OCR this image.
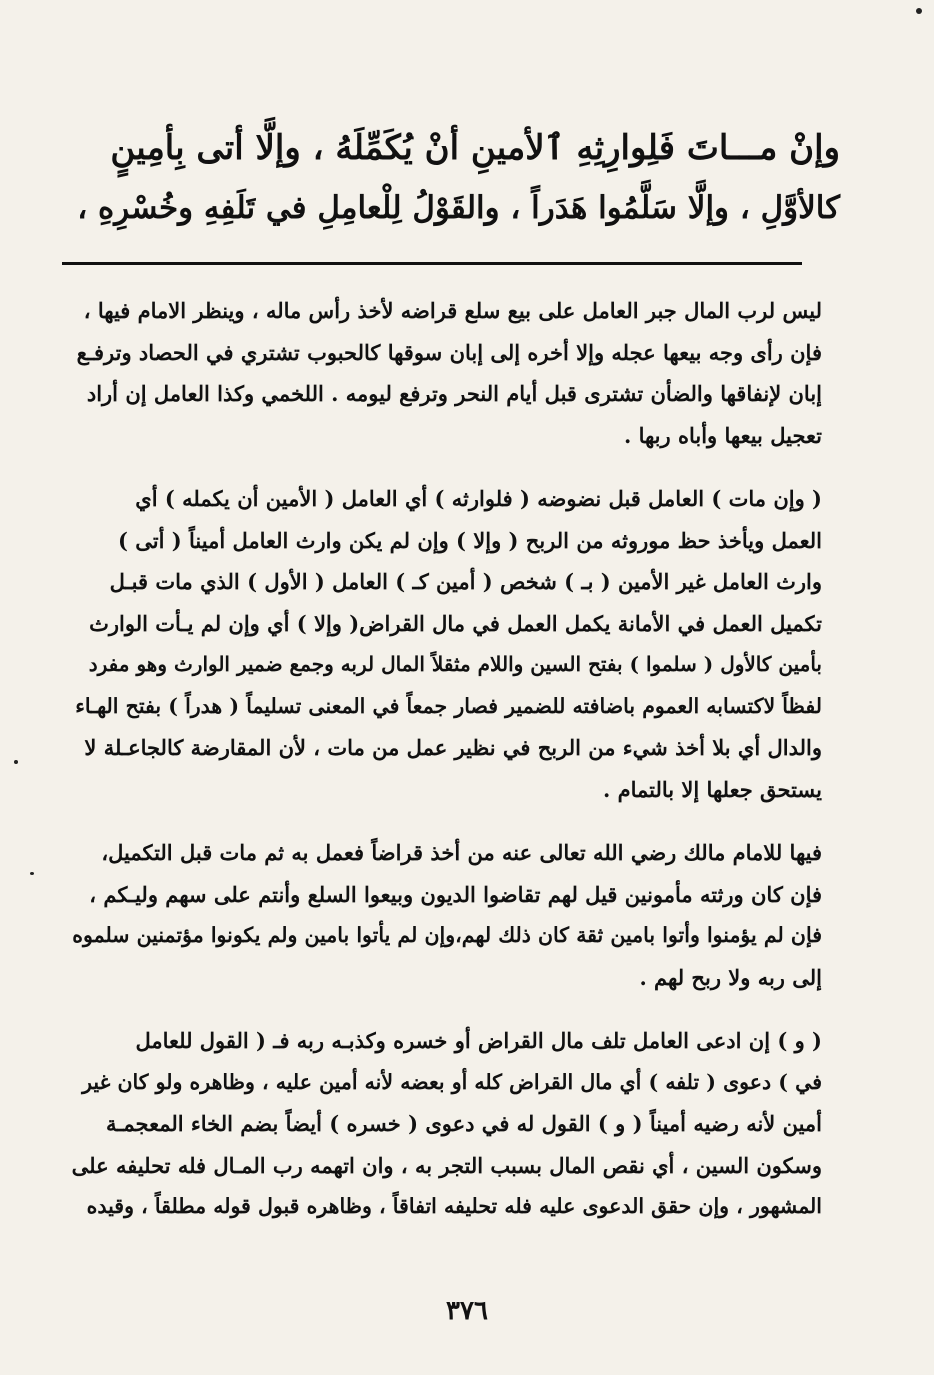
وإنْ مـــاتَ فَلِوارِثِهِ ٱلأمينِ أنْ يُكَمِّلَهُ ، وإلَّا أتى بِأمِينٍ
كالأوَّلِ ، وإلَّا سَلَّمُوا هَدَراً ، والقَوْلُ لِلْعامِلِ في تَلَفِهِ وخُسْرِهِ ،

ليس لرب المال جبر العامل على بيع سلع قراضه لأخذ رأس ماله ، وينظر الامام فيها ،

فإن رأى وجه بيعها عجله وإلا أخره إلى إبان سوقها كالحبوب تشتري في الحصاد وترفـع

إبان لإنفاقها والضأن تشترى قبل أيام النحر وترفع ليومه . اللخمي وكذا العامل إن أراد

تعجيل بيعها وأباه ربها .

( وإن مات ) العامل قبل نضوضه ( فلوارثه ) أي العامل ( الأمين أن يكمله ) أي

العمل ويأخذ حظ موروثه من الربح ( وإلا ) وإن لم يكن وارث العامل أميناً ( أتى )

وارث العامل غير الأمين ( بـ ) شخص ( أمين كـ ) العامل ( الأول ) الذي مات قبـل

تكميل العمل في الأمانة يكمل العمل في مال القراض( وإلا ) أي وإن لم يـأت الوارث

بأمين كالأول ( سلموا ) بفتح السين واللام مثقلاً المال لربه وجمع ضمير الوارث وهو مفرد

لفظاً لاكتسابه العموم باضافته للضمير فصار جمعاً في المعنى تسليماً ( هدراً ) بفتح الهـاء

والدال أي بلا أخذ شيء من الربح في نظير عمل من مات ، لأن المقارضة كالجاعـلة لا

يستحق جعلها إلا بالتمام .

فيها للامام مالك رضي الله تعالى عنه من أخذ قراضاً فعمل به ثم مات قبل التكميل،

فإن كان ورثته مأمونين قيل لهم تقاضوا الديون وبيعوا السلع وأنتم على سهم وليـكم ،

فإن لم يؤمنوا وأتوا بامين ثقة كان ذلك لهم،وإن لم يأتوا بامين ولم يكونوا مؤتمنين سلموه

إلى ربه ولا ربح لهم .

( و ) إن ادعى العامل تلف مال القراض أو خسره وكذبـه ربه فـ ( القول للعامل

في ) دعوى ( تلفه ) أي مال القراض كله أو بعضه لأنه أمين عليه ، وظاهره ولو كان غير

أمين لأنه رضيه أميناً ( و ) القول له في دعوى ( خسره ) أيضاً بضم الخاء المعجمـة

وسكون السين ، أي نقص المال بسبب التجر به ، وان اتهمه رب المـال فله تحليفه على

المشهور ، وإن حقق الدعوى عليه فله تحليفه اتفاقاً ، وظاهره قبول قوله مطلقاً ، وقيده

٣٧٦
